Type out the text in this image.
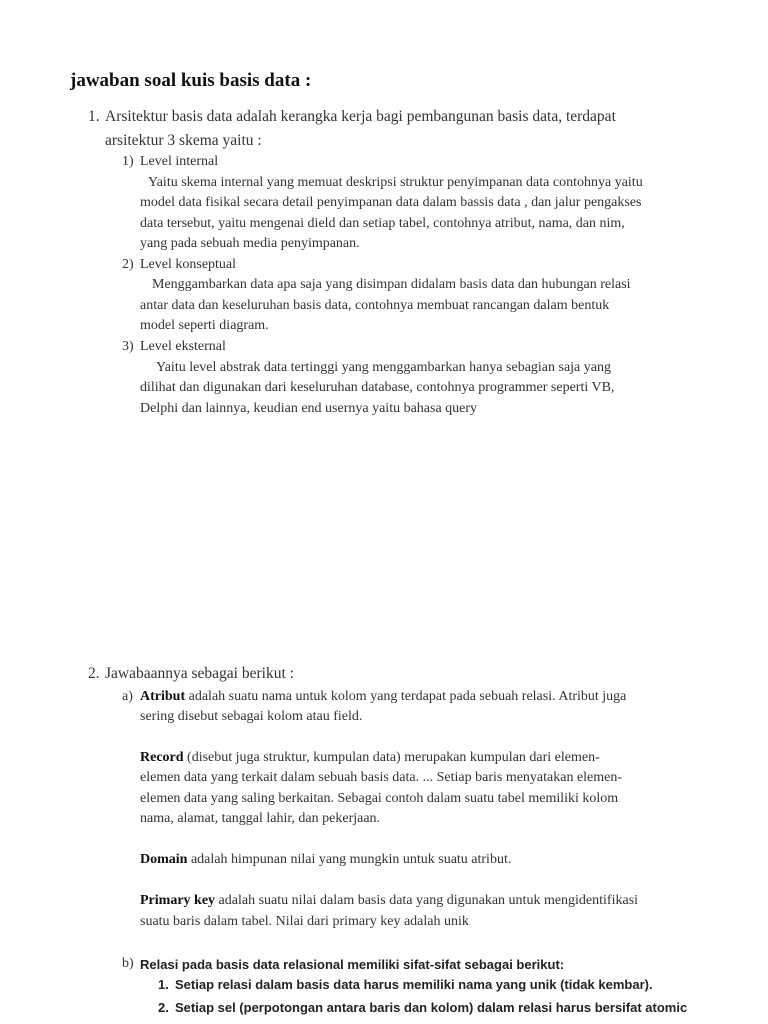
jawaban soal kuis basis data :
1. Arsitektur basis data adalah kerangka kerja bagi pembangunan basis data, terdapat
arsitektur 3 skema yaitu :
1) Level internal
Yaitu skema internal yang memuat deskripsi struktur penyimpanan data contohnya yaitu
model data fisikal secara detail penyimpanan data dalam bassis data , dan jalur pengakses
data tersebut, yaitu mengenai dield dan setiap tabel, contohnya atribut, nama, dan nim,
yang pada sebuah media penyimpanan.
2) Level konseptual
Menggambarkan data apa saja yang disimpan didalam basis data dan hubungan relasi
antar data dan keseluruhan basis data, contohnya membuat rancangan dalam bentuk
model seperti diagram.
3) Level eksternal
Yaitu level abstrak data tertinggi yang menggambarkan hanya sebagian saja yang
dilihat dan digunakan dari keseluruhan database, contohnya programmer seperti VB,
Delphi dan lainnya, keudian end usernya yaitu bahasa query
2. Jawabaannya sebagai berikut :
a) Atribut adalah suatu nama untuk kolom yang terdapat pada sebuah relasi. Atribut juga
sering disebut sebagai kolom atau field.
Record (disebut juga struktur, kumpulan data) merupakan kumpulan dari elemen-
elemen data yang terkait dalam sebuah basis data. ... Setiap baris menyatakan elemen-
elemen data yang saling berkaitan. Sebagai contoh dalam suatu tabel memiliki kolom
nama, alamat, tanggal lahir, dan pekerjaan.
Domain adalah himpunan nilai yang mungkin untuk suatu atribut.
Primary key adalah suatu nilai dalam basis data yang digunakan untuk mengidentifikasi
suatu baris dalam tabel. Nilai dari primary key adalah unik
b) Relasi pada basis data relasional memiliki sifat-sifat sebagai berikut:
1. Setiap relasi dalam basis data harus memiliki nama yang unik (tidak kembar).
2. Setiap sel (perpotongan antara baris dan kolom) dalam relasi harus bersifat atomic
